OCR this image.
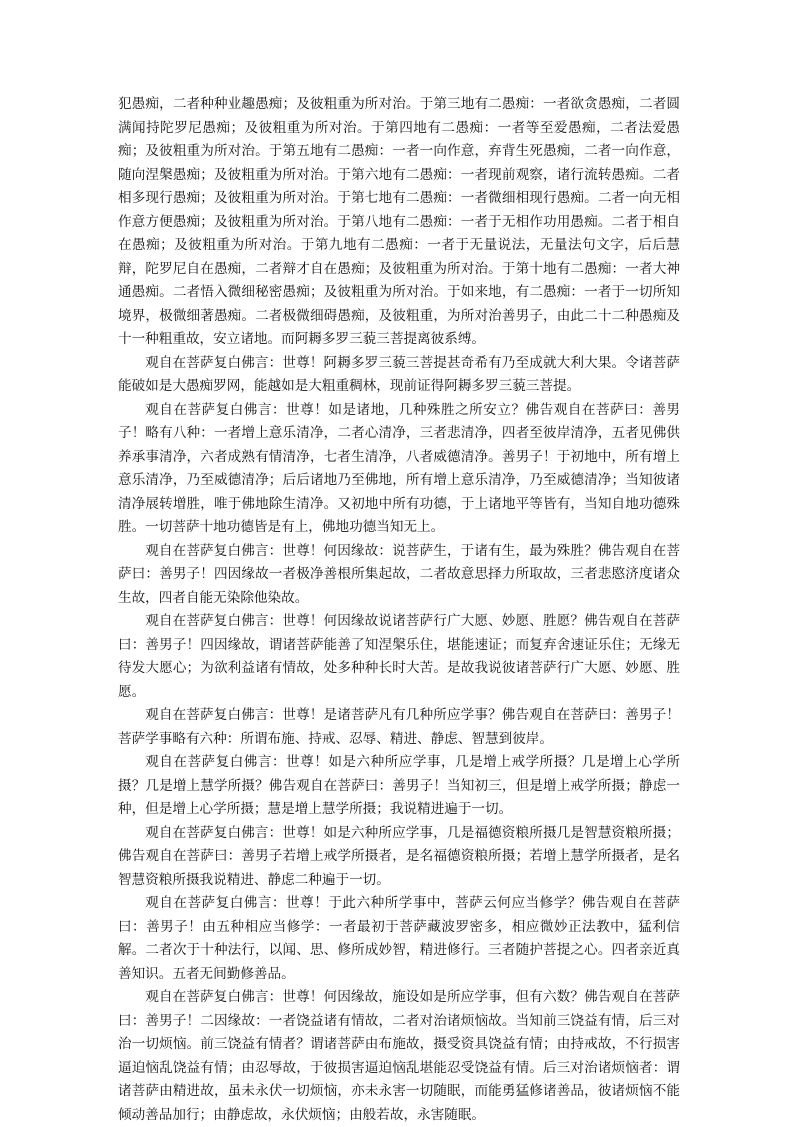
犯愚痴，二者种种业趣愚痴；及彼粗重为所对治。于第三地有二愚痴：一者欲贪愚痴，二者圆满闻持陀罗尼愚痴；及彼粗重为所对治。于第四地有二愚痴：一者等至爱愚痴，二者法爱愚痴；及彼粗重为所对治。于第五地有二愚痴：一者一向作意，弃背生死愚痴，二者一向作意，随向涅槃愚痴；及彼粗重为所对治。于第六地有二愚痴：一者现前观察，诸行流转愚痴。二者相多现行愚痴；及彼粗重为所对治。于第七地有二愚痴：一者微细相现行愚痴。二者一向无相作意方便愚痴；及彼粗重为所对治。于第八地有二愚痴：一者于无相作功用愚痴。二者于相自在愚痴；及彼粗重为所对治。于第九地有二愚痴：一者于无量说法，无量法句文字，后后慧辩，陀罗尼自在愚痴，二者辩才自在愚痴；及彼粗重为所对治。于第十地有二愚痴：一者大神通愚痴。二者悟入微细秘密愚痴；及彼粗重为所对治。于如来地，有二愚痴：一者于一切所知境界，极微细著愚痴。二者极微细碍愚痴，及彼粗重，为所对治善男子，由此二十二种愚痴及十一种粗重故，安立诸地。而阿耨多罗三藐三菩提离彼系缚。

观自在菩萨复白佛言：世尊！阿耨多罗三藐三菩提甚奇希有乃至成就大利大果。令诸菩萨能破如是大愚痴罗网，能越如是大粗重稠林，现前证得阿耨多罗三藐三菩提。

观自在菩萨复白佛言：世尊！如是诸地，几种殊胜之所安立？佛告观自在菩萨曰：善男子！略有八种：一者增上意乐清净，二者心清净，三者悲清净，四者至彼岸清净，五者见佛供养承事清净，六者成熟有情清净，七者生清净，八者威德清净。善男子！于初地中，所有增上意乐清净，乃至威德清净；后后诸地乃至佛地，所有增上意乐清净，乃至威德清净；当知彼诸清净展转增胜，唯于佛地除生清净。又初地中所有功德，于上诸地平等皆有，当知自地功德殊胜。一切菩萨十地功德皆是有上，佛地功德当知无上。

观自在菩萨复白佛言：世尊！何因缘故：说菩萨生，于诸有生，最为殊胜？佛告观自在菩萨曰：善男子！四因缘故一者极净善根所集起故，二者故意思择力所取故，三者悲愍济度诸众生故，四者自能无染除他染故。

观自在菩萨复白佛言：世尊！何因缘故说诸菩萨行广大愿、妙愿、胜愿？佛告观自在菩萨曰：善男子！四因缘故，谓诸菩萨能善了知涅槃乐住，堪能速证；而复弃舍速证乐住；无缘无待发大愿心；为欲利益诸有情故，处多种种长时大苦。是故我说彼诸菩萨行广大愿、妙愿、胜愿。

观自在菩萨复白佛言：世尊！是诸菩萨凡有几种所应学事？佛告观自在菩萨曰：善男子！菩萨学事略有六种：所谓布施、持戒、忍辱、精进、静虑、智慧到彼岸。

观自在菩萨复白佛言：世尊！如是六种所应学事，几是增上戒学所摄？几是增上心学所摄？几是增上慧学所摄？佛告观自在菩萨曰：善男子！当知初三，但是增上戒学所摄；静虑一种，但是增上心学所摄；慧是增上慧学所摄；我说精进遍于一切。

观自在菩萨复白佛言：世尊！如是六种所应学事，几是福德资粮所摄几是智慧资粮所摄；佛告观自在菩萨曰：善男子若增上戒学所摄者，是名福德资粮所摄；若增上慧学所摄者，是名智慧资粮所摄我说精进、静虑二种遍于一切。

观自在菩萨复白佛言：世尊！于此六种所学事中，菩萨云何应当修学？佛告观自在菩萨曰：善男子！由五种相应当修学：一者最初于菩萨藏波罗密多，相应微妙正法教中，猛利信解。二者次于十种法行，以闻、思、修所成妙智，精进修行。三者随护菩提之心。四者亲近真善知识。五者无间勤修善品。

观自在菩萨复白佛言：世尊！何因缘故，施设如是所应学事，但有六数？佛告观自在菩萨曰：善男子！二因缘故：一者饶益诸有情故，二者对治诸烦恼故。当知前三饶益有情，后三对治一切烦恼。前三饶益有情者？谓诸菩萨由布施故，摄受资具饶益有情；由持戒故，不行损害逼迫恼乱饶益有情；由忍辱故，于彼损害逼迫恼乱堪能忍受饶益有情。后三对治诸烦恼者：谓诸菩萨由精进故，虽未永伏一切烦恼，亦未永害一切随眠，而能勇猛修诸善品，彼诸烦恼不能倾动善品加行；由静虑故，永伏烦恼；由般若故，永害随眠。
